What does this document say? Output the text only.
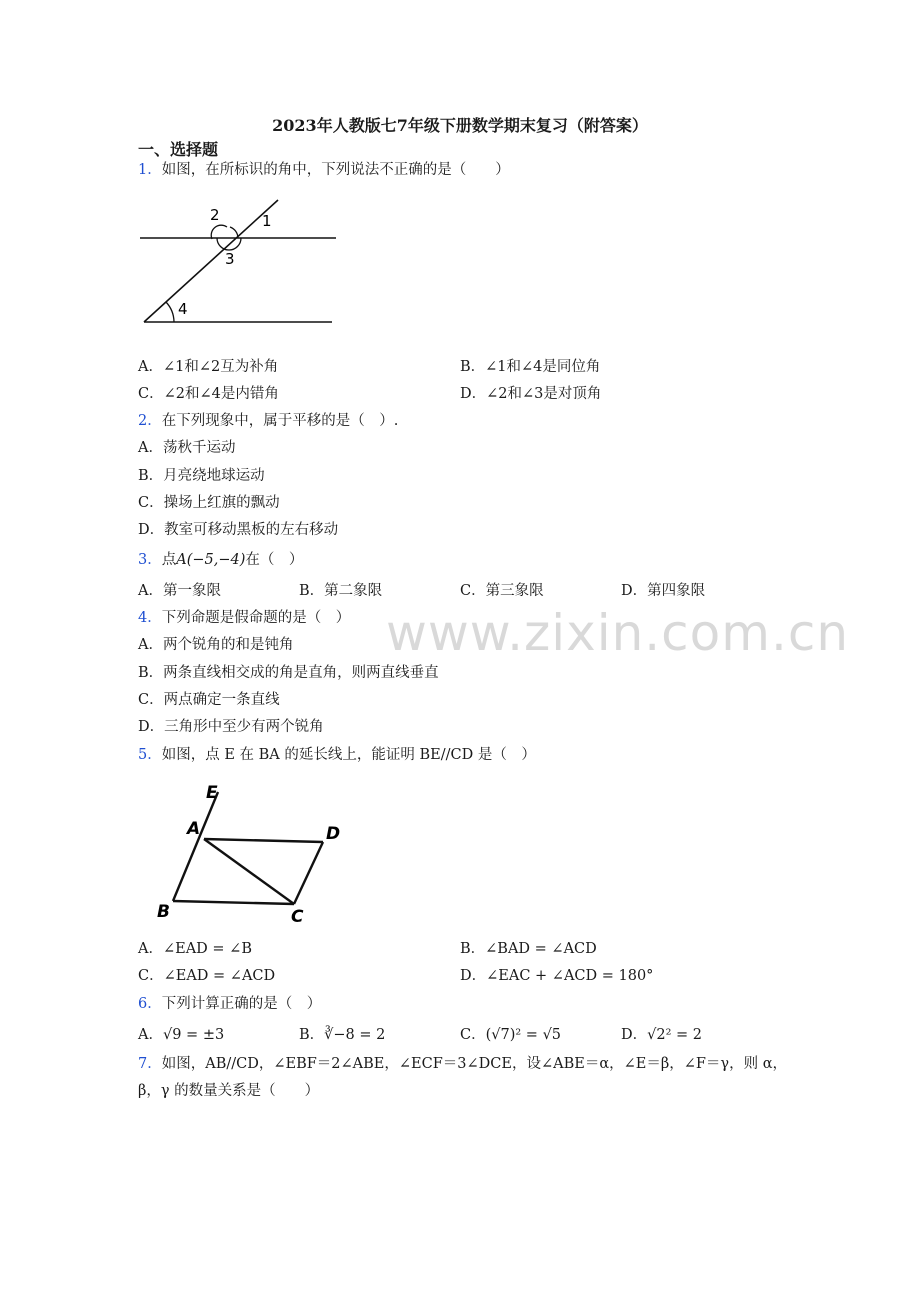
2023年人教版七7年级下册数学期末复习（附答案）
一、选择题
www.zixin.com.cn
1．如图，在所标识的角中，下列说法不正确的是（　　）
2	1
3
4
A．∠1和∠2互为补角	B．∠1和∠4是同位角
C．∠2和∠4是内错角	D．∠2和∠3是对顶角
2．在下列现象中，属于平移的是（　）.
A．荡秋千运动
B．月亮绕地球运动
C．操场上红旗的飘动
D．教室可移动黑板的左右移动
3．点A(−5,−4)在（　）
A．第一象限	B．第二象限	C．第三象限	D．第四象限
4．下列命题是假命题的是（　）
A．两个锐角的和是钝角
B．两条直线相交成的角是直角，则两直线垂直
C．两点确定一条直线
D．三角形中至少有两个锐角
5．如图，点 E 在 BA 的延长线上，能证明 BE//CD 是（　）
E
A	D
B	C
A．∠EAD = ∠B	B．∠BAD = ∠ACD
C．∠EAD = ∠ACD	D．∠EAC + ∠ACD = 180°
6．下列计算正确的是（　）
A．√9 = ±3	B．∛−8 = 2	C．(√7)² = √5	D．√2² = 2
7．如图，AB//CD，∠EBF＝2∠ABE，∠ECF＝3∠DCE，设∠ABE＝α，∠E＝β，∠F＝γ，则 α，
β，γ 的数量关系是（　　）
